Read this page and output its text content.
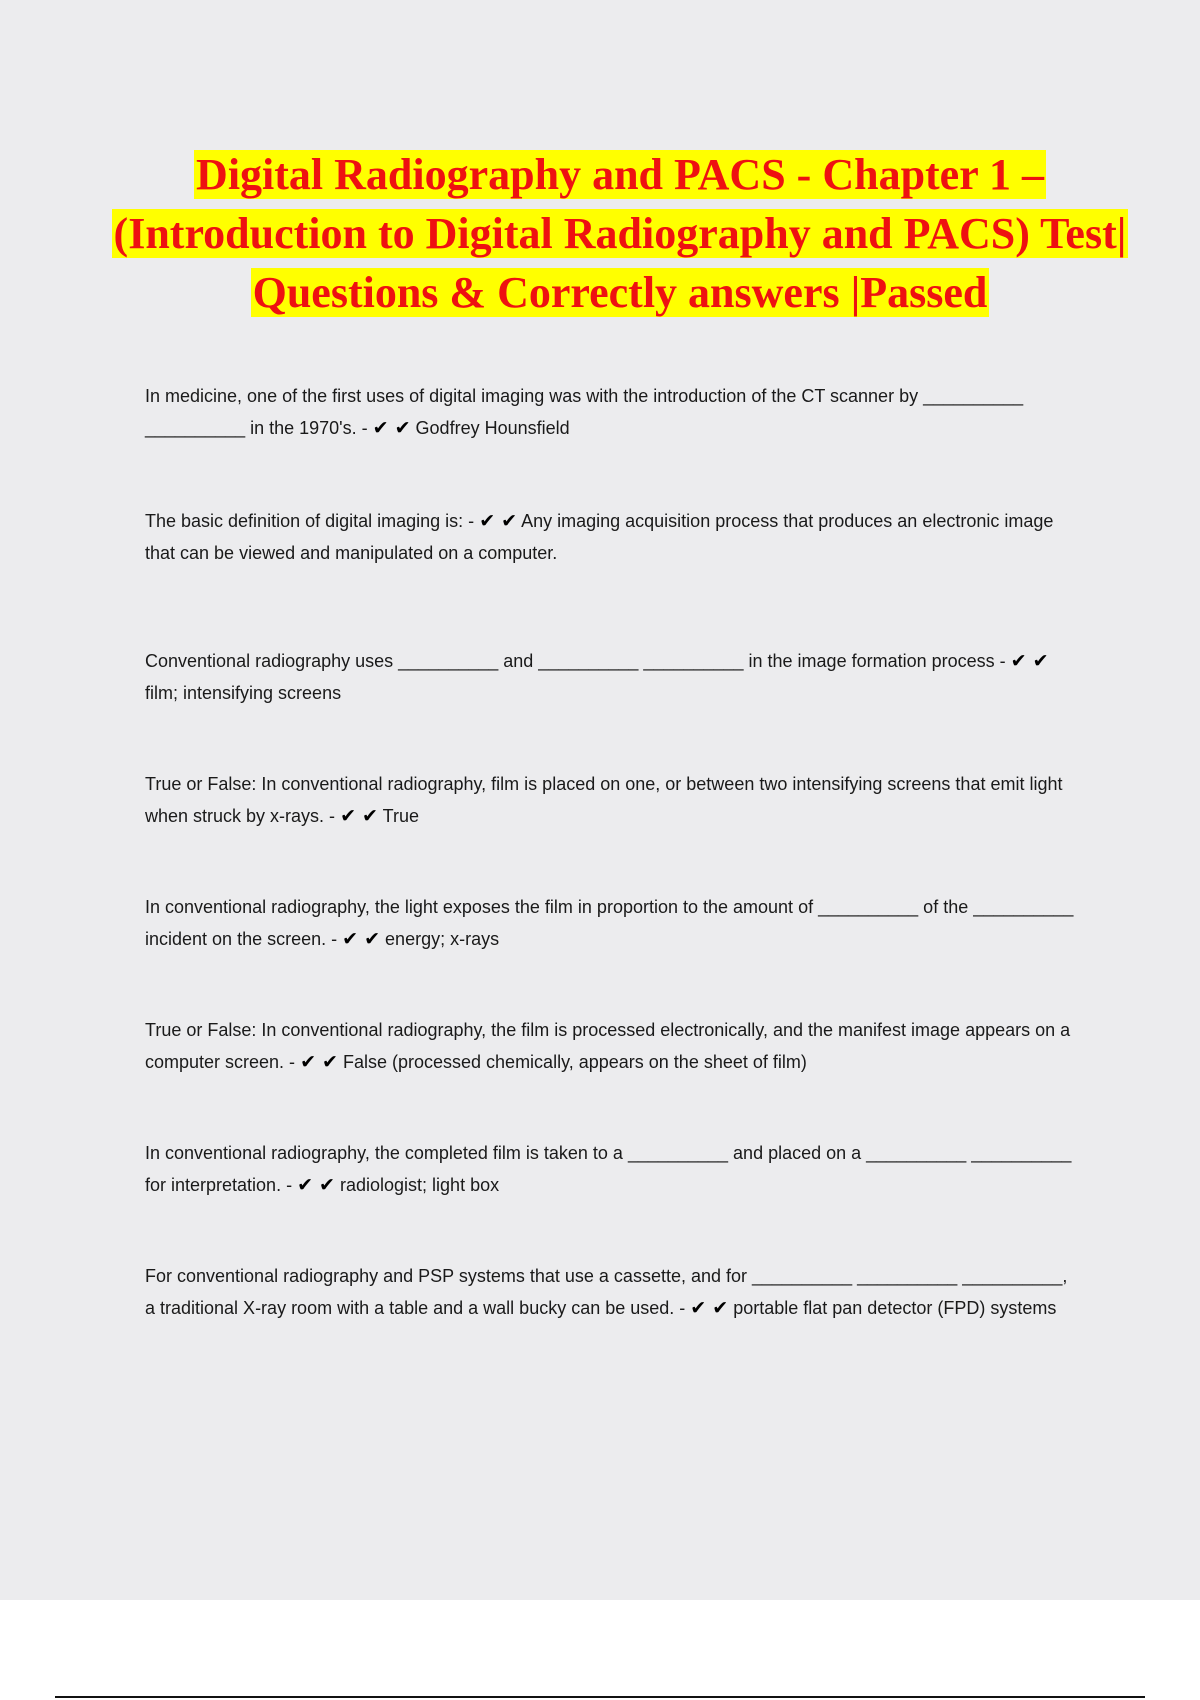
Digital Radiography and PACS - Chapter 1 – (Introduction to Digital Radiography and PACS) Test| Questions & Correctly answers |Passed

In medicine, one of the first uses of digital imaging was with the introduction of the CT scanner by __________ __________ in the 1970's. - ✔ ✔ Godfrey Hounsfield

The basic definition of digital imaging is: - ✔ ✔ Any imaging acquisition process that produces an electronic image that can be viewed and manipulated on a computer.

Conventional radiography uses __________ and __________ __________ in the image formation process - ✔ ✔ film; intensifying screens

True or False: In conventional radiography, film is placed on one, or between two intensifying screens that emit light when struck by x-rays. - ✔ ✔ True

In conventional radiography, the light exposes the film in proportion to the amount of __________ of the __________ incident on the screen. - ✔ ✔ energy; x-rays

True or False: In conventional radiography, the film is processed electronically, and the manifest image appears on a computer screen. - ✔ ✔ False (processed chemically, appears on the sheet of film)

In conventional radiography, the completed film is taken to a __________ and placed on a __________ __________ for interpretation. - ✔ ✔ radiologist; light box

For conventional radiography and PSP systems that use a cassette, and for __________ __________ __________, a traditional X-ray room with a table and a wall bucky can be used. - ✔ ✔ portable flat pan detector (FPD) systems
